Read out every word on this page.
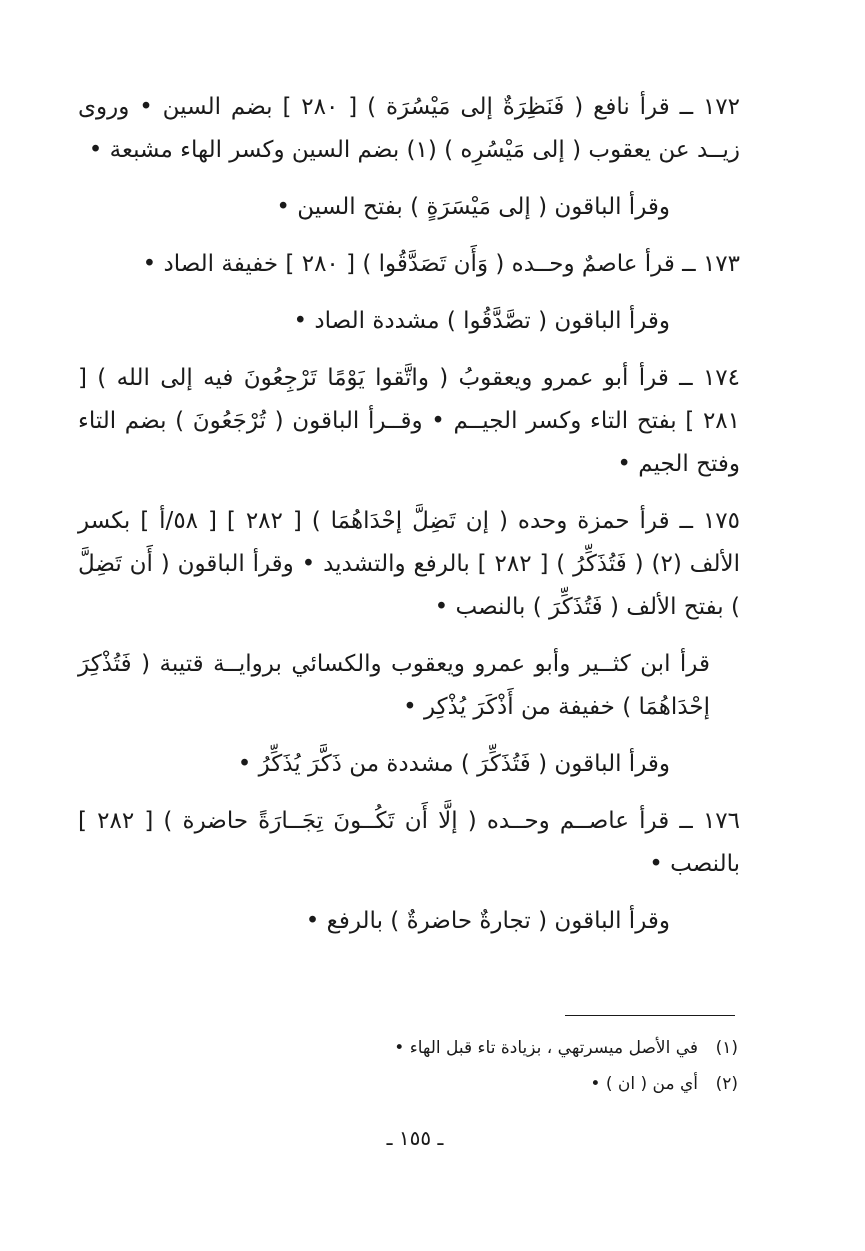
١٧٢ ــ قرأ نافع ( فَنَظِرَةٌ إلى مَيْسُرَة ) [ ٢٨٠ ] بضم السين • وروى زيــد عن يعقوب ( إلى مَيْسُرِه ) (١) بضم السين وكسر الهاء مشبعة •

وقرأ الباقون ( إلى مَيْسَرَةٍ ) بفتح السين •

١٧٣ ــ قرأ عاصمٌ وحــده ( وَأَن تَصَدَّقُوا ) [ ٢٨٠ ] خفيفة الصاد •

وقرأ الباقون ( تصَّدَّقُوا ) مشددة الصاد •

١٧٤ ــ قرأ أبو عمرو ويعقوبُ ( واتَّقوا يَوْمًا تَرْجِعُونَ فيه إلى الله ) [ ٢٨١ ] بفتح التاء وكسر الجيــم • وقــرأ الباقون ( تُرْجَعُونَ ) بضم التاء وفتح الجيم •

١٧٥ ــ قرأ حمزة وحده ( إن تَضِلَّ إحْدَاهُمَا ) [ ٢٨٢ ] [ ٥٨/أ ] بكسر الألف (٢) ( فَتُذَكِّرُ ) [ ٢٨٢ ] بالرفع والتشديد • وقرأ الباقون ( أَن تَضِلَّ ) بفتح الألف ( فَتُذَكِّرَ ) بالنصب •

قرأ ابن كثــير وأبو عمرو ويعقوب والكسائي بروايــة قتيبة ( فَتُذْكِرَ إحْدَاهُمَا ) خفيفة من أَذْكَرَ يُذْكِر •

وقرأ الباقون ( فَتُذَكِّرَ ) مشددة من ذَكَّرَ يُذَكِّرُ •

١٧٦ ــ قرأ عاصــم وحــده ( إلَّا أَن تَكُــونَ تِجَــارَةً حاضرة ) [ ٢٨٢ ] بالنصب •

وقرأ الباقون ( تجارةٌ حاضرةٌ ) بالرفع •

(١)
في الأصل ميسرتهي ، بزيادة تاء قبل الهاء •
(٢)
أي من ( ان ) •
ـ ١٥٥ ـ
